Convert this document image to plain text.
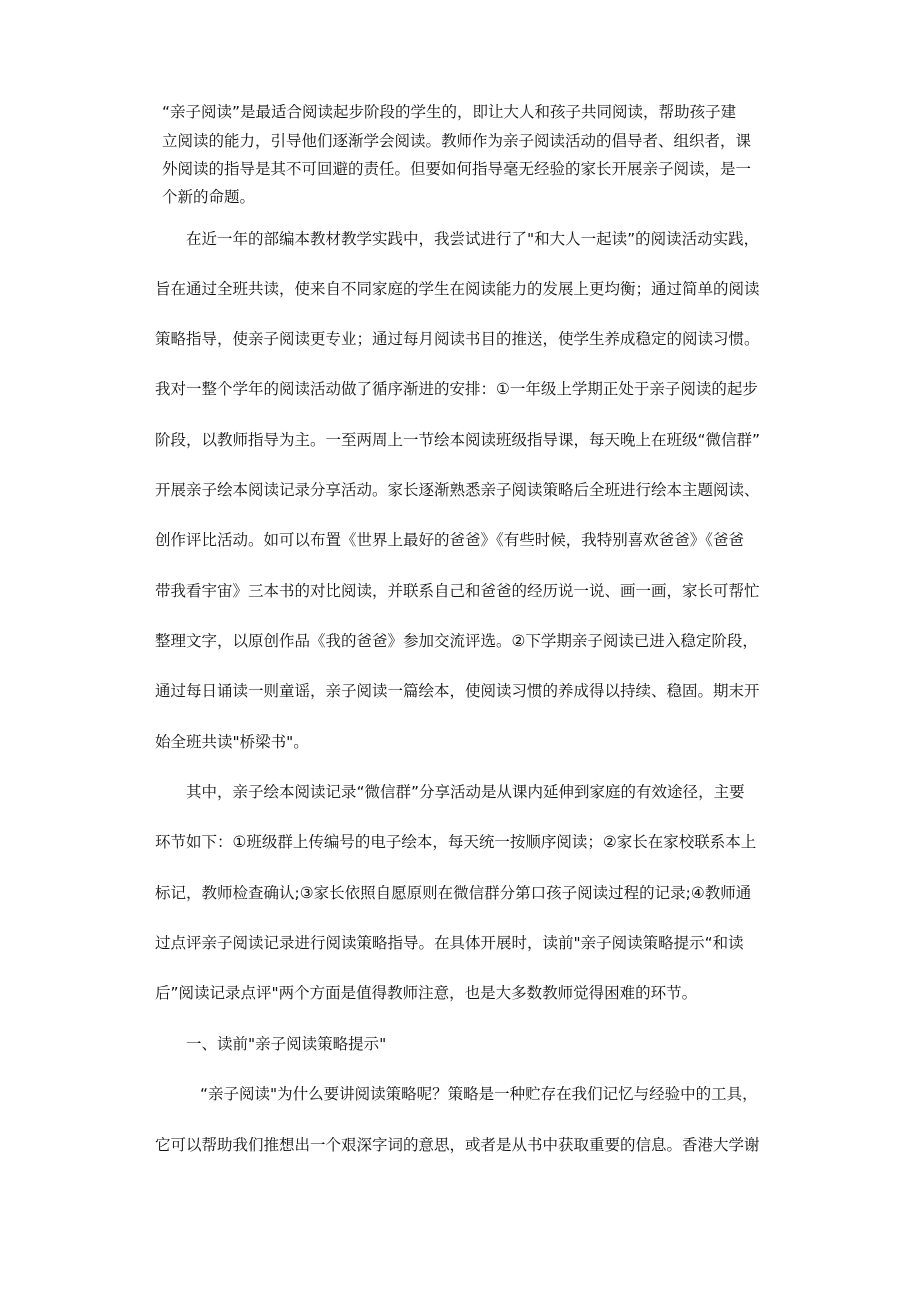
“亲子阅读”是最适合阅读起步阶段的学生的，即让大人和孩子共同阅读，帮助孩子建

立阅读的能力，引导他们逐渐学会阅读。教师作为亲子阅读活动的倡导者、组织者，课

外阅读的指导是其不可回避的责任。但要如何指导毫无经验的家长开展亲子阅读，是一

个新的命题。

在近一年的部编本教材教学实践中，我尝试进行了"和大人一起读”的阅读活动实践，

旨在通过全班共读，使来自不同家庭的学生在阅读能力的发展上更均衡；通过简单的阅读

策略指导，使亲子阅读更专业；通过每月阅读书目的推送，使学生养成稳定的阅读习惯。

我对一整个学年的阅读活动做了循序渐进的安排：①一年级上学期正处于亲子阅读的起步

阶段，以教师指导为主。一至两周上一节绘本阅读班级指导课，每天晚上在班级“微信群”

开展亲子绘本阅读记录分享活动。家长逐渐熟悉亲子阅读策略后全班进行绘本主题阅读、

创作评比活动。如可以布置《世界上最好的爸爸》《有些时候，我特别喜欢爸爸》《爸爸

带我看宇宙》三本书的对比阅读，并联系自己和爸爸的经历说一说、画一画，家长可帮忙

整理文字，以原创作品《我的爸爸》参加交流评选。②下学期亲子阅读已进入稳定阶段，

通过每日诵读一则童谣，亲子阅读一篇绘本，使阅读习惯的养成得以持续、稳固。期末开

始全班共读"桥梁书"。

其中，亲子绘本阅读记录“微信群”分享活动是从课内延伸到家庭的有效途径，主要

环节如下：①班级群上传编号的电子绘本，每天统一按顺序阅读；②家长在家校联系本上

标记，教师检查确认;③家长依照自愿原则在微信群分第口孩子阅读过程的记录;④教师通

过点评亲子阅读记录进行阅读策略指导。在具体开展时，读前"亲子阅读策略提示“和读

后”阅读记录点评"两个方面是值得教师注意，也是大多数教师觉得困难的环节。

一、读前"亲子阅读策略提示"

“亲子阅读"为什么要讲阅读策略呢？策略是一种贮存在我们记忆与经验中的工具，

它可以帮助我们推想出一个艰深字词的意思，或者是从书中获取重要的信息。香港大学谢
